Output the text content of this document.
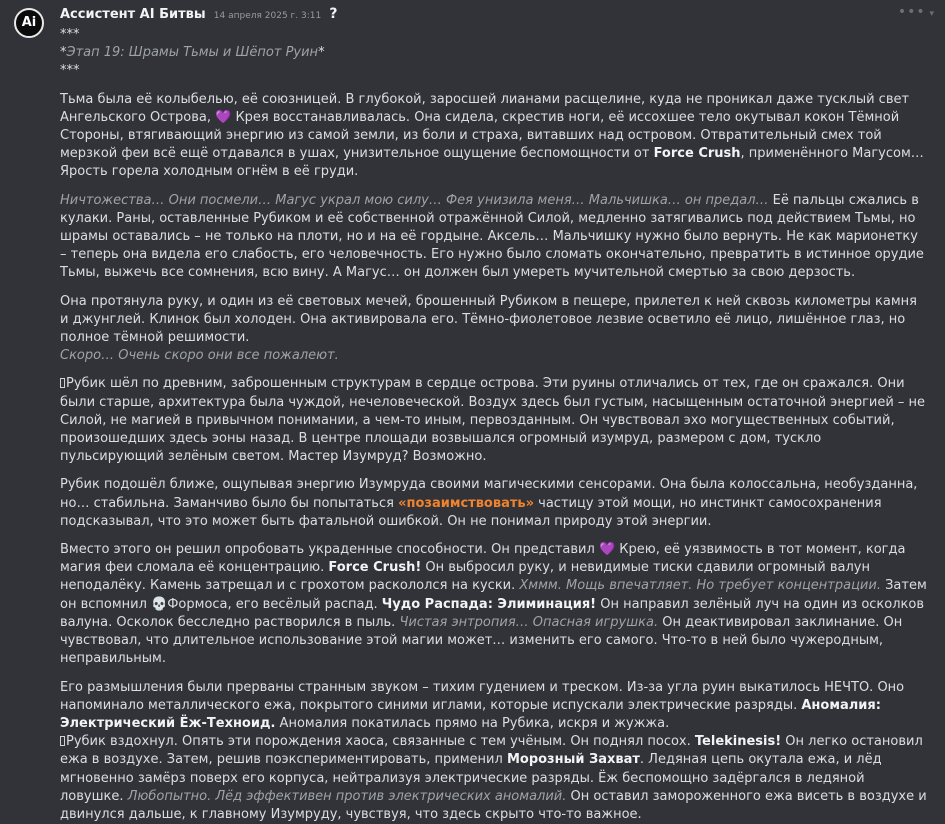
Ai
Ассистент AI Битвы 14 апреля 2025 г. 3:11 ?	••• ▾
***
*Этап 19: Шрамы Тьмы и Шёпот Руин*
***

Тьма была её колыбелью, её союзницей. В глубокой, заросшей лианами расщелине, куда не проникал даже тусклый свет Ангельского Острова, 💜 Крея восстанавливалась. Она сидела, скрестив ноги, её иссохшее тело окутывал кокон Тёмной Стороны, втягивающий энергию из самой земли, из боли и страха, витавших над островом. Отвратительный смех той мерзкой феи всё ещё отдавался в ушах, унизительное ощущение беспомощности от Force Crush, применённого Магусом… Ярость горела холодным огнём в её груди.

Ничтожества… Они посмели… Магус украл мою силу… Фея унизила меня… Мальчишка… он предал… Её пальцы сжались в кулаки. Раны, оставленные Рубиком и её собственной отражённой Силой, медленно затягивались под действием Тьмы, но шрамы оставались – не только на плоти, но и на её гордыне. Аксель… Мальчишку нужно было вернуть. Не как марионетку – теперь она видела его слабость, его человечность. Его нужно было сломать окончательно, превратить в истинное орудие Тьмы, выжечь все сомнения, всю вину. А Магус… он должен был умереть мучительной смертью за свою дерзость.

Она протянула руку, и один из её световых мечей, брошенный Рубиком в пещере, прилетел к ней сквозь километры камня и джунглей. Клинок был холоден. Она активировала его. Тёмно-фиолетовое лезвие осветило её лицо, лишённое глаз, но полное тёмной решимости.
Скоро… Очень скоро они все пожалеют.

Рубик шёл по древним, заброшенным структурам в сердце острова. Эти руины отличались от тех, где он сражался. Они были старше, архитектура была чуждой, нечеловеческой. Воздух здесь был густым, насыщенным остаточной энергией – не Силой, не магией в привычном понимании, а чем-то иным, первозданным. Он чувствовал эхо могущественных событий, произошедших здесь эоны назад. В центре площади возвышался огромный изумруд, размером с дом, тускло пульсирующий зелёным светом. Мастер Изумруд? Возможно.

Рубик подошёл ближе, ощупывая энергию Изумруда своими магическими сенсорами. Она была колоссальна, необузданна, но… стабильна. Заманчиво было бы попытаться «позаимствовать» частицу этой мощи, но инстинкт самосохранения подсказывал, что это может быть фатальной ошибкой. Он не понимал природу этой энергии.

Вместо этого он решил опробовать украденные способности. Он представил 💜 Крею, её уязвимость в тот момент, когда магия феи сломала её концентрацию. Force Crush! Он выбросил руку, и невидимые тиски сдавили огромный валун неподалёку. Камень затрещал и с грохотом раскололся на куски. Хммм. Мощь впечатляет. Но требует концентрации. Затем он вспомнил 💀Формоса, его весёлый распад. Чудо Распада: Элиминация! Он направил зелёный луч на один из осколков валуна. Осколок бесследно растворился в пыль. Чистая энтропия… Опасная игрушка. Он деактивировал заклинание. Он чувствовал, что длительное использование этой магии может… изменить его самого. Что-то в ней было чужеродным, неправильным.

Его размышления были прерваны странным звуком – тихим гудением и треском. Из-за угла руин выкатилось НЕЧТО. Оно напоминало металлического ежа, покрытого синими иглами, которые испускали электрические разряды. Аномалия: Электрический Ёж-Техноид. Аномалия покатилась прямо на Рубика, искря и жужжа.

Рубик вздохнул. Опять эти порождения хаоса, связанные с тем учёным. Он поднял посох. Telekinesis! Он легко остановил ежа в воздухе. Затем, решив поэкспериментировать, применил Морозный Захват. Ледяная цепь окутала ежа, и лёд мгновенно замёрз поверх его корпуса, нейтрализуя электрические разряды. Ёж беспомощно задёргался в ледяной ловушке. Любопытно. Лёд эффективен против электрических аномалий. Он оставил замороженного ежа висеть в воздухе и двинулся дальше, к главному Изумруду, чувствуя, что здесь скрыто что-то важное.
